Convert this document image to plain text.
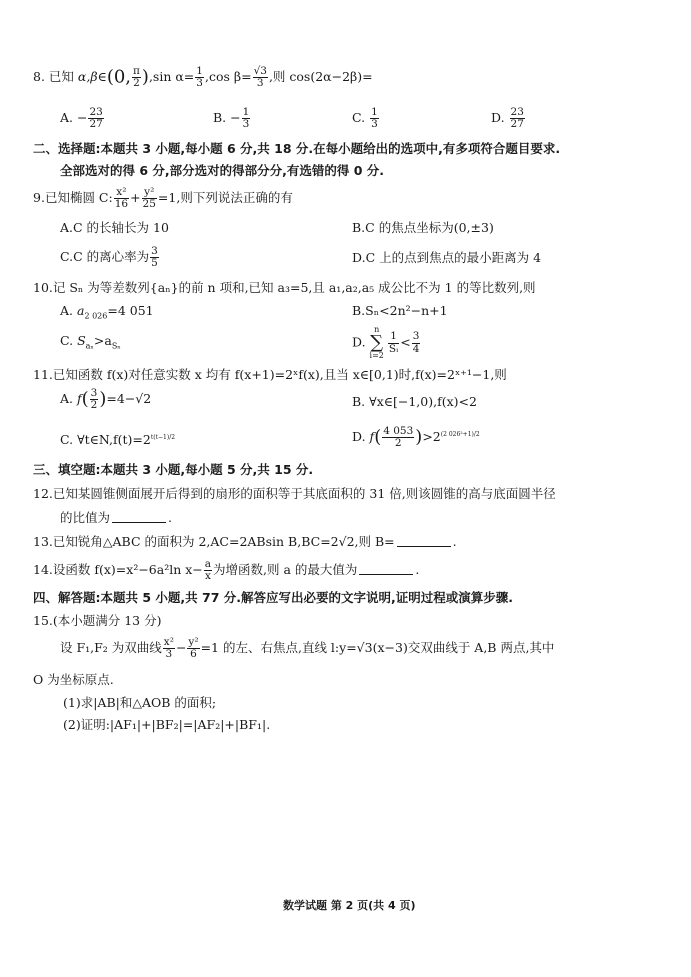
8. 已知 α,β∈(0, $\frac{\pi}{2} ),\sin$ $\alpha= \frac{1}{3} ,\cos$ $\beta= \frac{√3}{3}$ ,则 cos(2α−2β)=
A. − $\frac{23}{27}$	B. − $\frac{1}{3}$	C. $\frac{1}{3}$	D. $\frac{23}{27}$
二、选择题:本题共 3 小题,每小题 6 分,共 18 分.在每小题给出的选项中,有多项符合题目要求.
全部选对的得 6 分,部分选对的得部分分,有选错的得 0 分.
9.已知椭圆 C: $\frac{\text{x²}}{16} + \frac{\text{y²}}{25} =1$,则下列说法正确的有
A.C 的长轴长为 10	B.C 的焦点坐标为(0,±3)
C.C 的离心率为 $\frac{3}{5}$	D.C 上的点到焦点的最小距离为 4
10.记 Sₙ 为等差数列{aₙ}的前 n 项和,已知 a₃=5,且 a₁,a₂,a₅ 成公比不为 1 的等比数列,则
A. $a_{2 026}=4$ 051	B.Sₙ<2n²−n+1
C. $S_{a_n}>a_{S_n}$	D. n
∑
i=2
$\frac{1}{\text{Sᵢ}} < \frac{3}{4}$
11.已知函数 f(x)对任意实数 x 均有 f(x+1)=2ˣf(x),且当 x∈[0,1)时,f(x)=2ˣ⁺¹−1,则
A. $f( \frac{3}{2} )=4-√2$	B. ∀x∈[−1,0),f(x)<2
C. $\forall t\in N,f(t)=2^{t(t-1)/2}$	D. $f( \frac{4 053}{2} )>2^{(2 026^2+1)/2}$
三、填空题:本题共 3 小题,每小题 5 分,共 15 分.
12.已知某圆锥侧面展开后得到的扇形的面积等于其底面积的 31 倍,则该圆锥的高与底面圆半径
的比值为	.
13.已知锐角△ABC 的面积为 2,AC=2ABsin B,BC=2√2,则 B=	.
14.设函数 f(x)=x²−6a²ln $x- \frac{a}{x}$ 为增函数,则 a 的最大值为	.
四、解答题:本题共 5 小题,共 77 分.解答应写出必要的文字说明,证明过程或演算步骤.
15.(本小题满分 13 分)
设 F₁,F₂ 为双曲线 $\frac{\text{x²}}{3} - \frac{\text{y²}}{6} =1$ 的左、右焦点,直线 l:y=√3(x−3)交双曲线于 A,B 两点,其中
O 为坐标原点.
(1)求|AB|和△AOB 的面积;
(2)证明:|AF₁|+|BF₂|=|AF₂|+|BF₁|.
数学试题 第 2 页(共 4 页)
